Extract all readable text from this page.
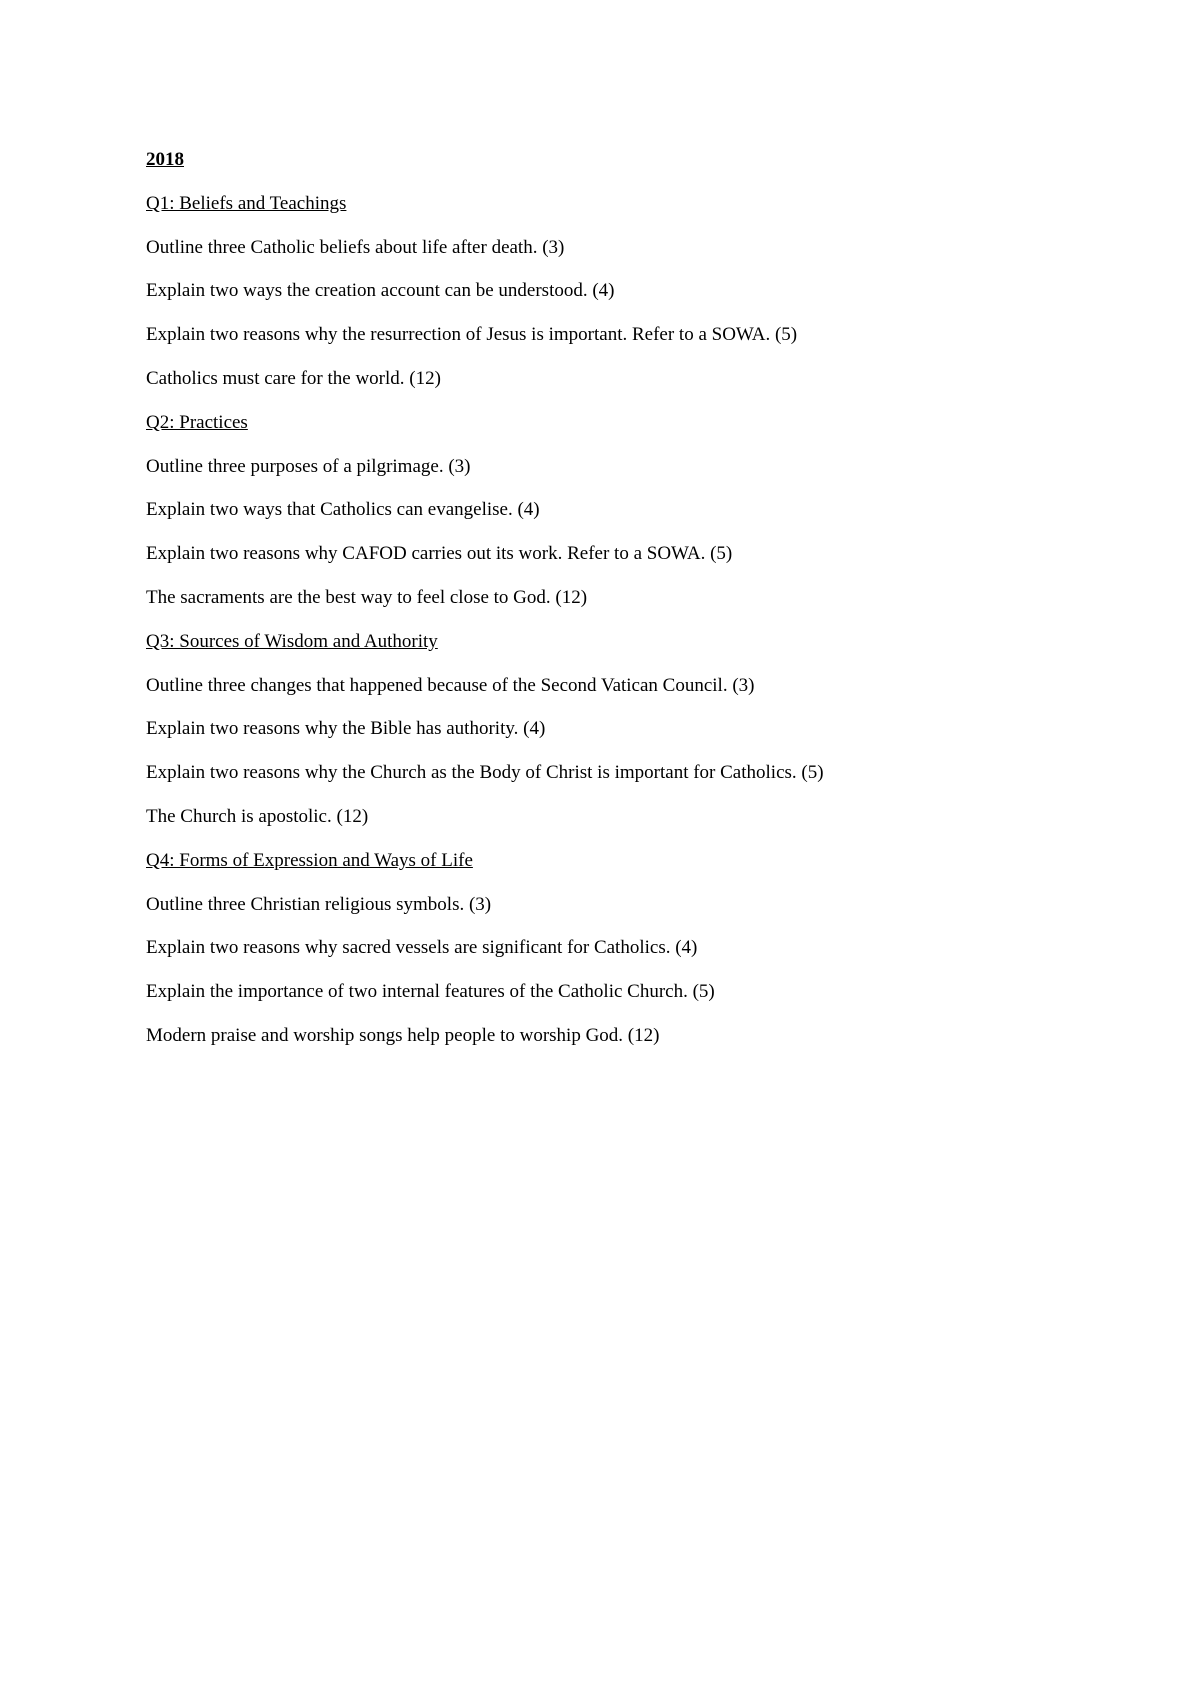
2018
Q1: Beliefs and Teachings
Outline three Catholic beliefs about life after death. (3)
Explain two ways the creation account can be understood. (4)
Explain two reasons why the resurrection of Jesus is important. Refer to a SOWA. (5)
Catholics must care for the world. (12)
Q2: Practices
Outline three purposes of a pilgrimage. (3)
Explain two ways that Catholics can evangelise. (4)
Explain two reasons why CAFOD carries out its work. Refer to a SOWA. (5)
The sacraments are the best way to feel close to God. (12)
Q3: Sources of Wisdom and Authority
Outline three changes that happened because of the Second Vatican Council. (3)
Explain two reasons why the Bible has authority. (4)
Explain two reasons why the Church as the Body of Christ is important for Catholics. (5)
The Church is apostolic. (12)
Q4: Forms of Expression and Ways of Life
Outline three Christian religious symbols. (3)
Explain two reasons why sacred vessels are significant for Catholics. (4)
Explain the importance of two internal features of the Catholic Church. (5)
Modern praise and worship songs help people to worship God. (12)
